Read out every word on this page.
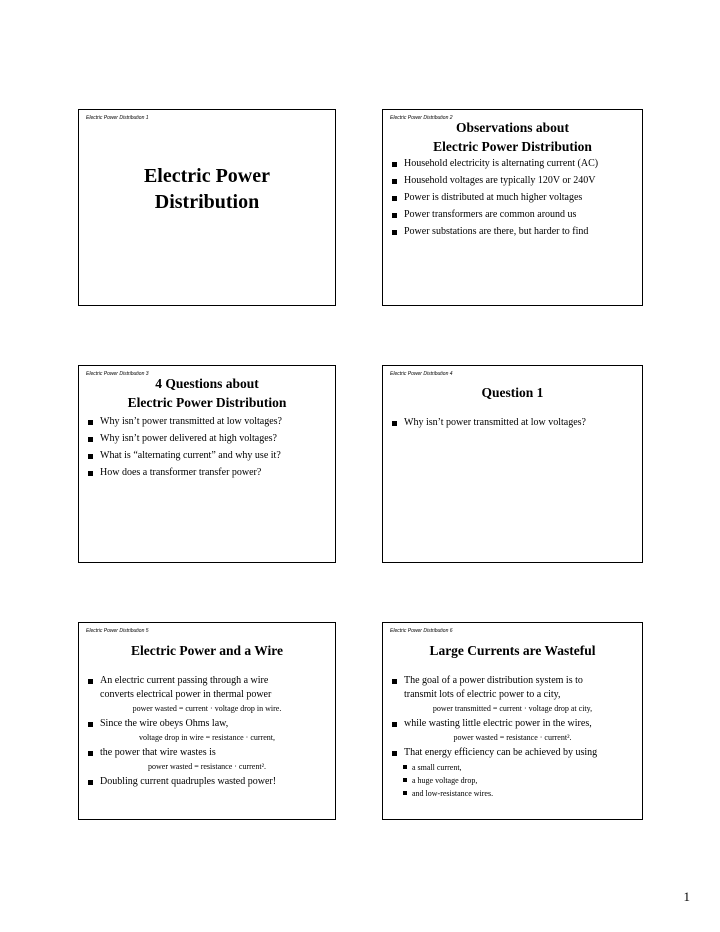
Electric Power Distribution 1
Electric Power
Distribution
Electric Power Distribution 2
Observations about
Electric Power Distribution
Household electricity is alternating current (AC)
Household voltages are typically 120V or 240V
Power is distributed at much higher voltages
Power transformers are common around us
Power substations are there, but harder to find
Electric Power Distribution 3
4 Questions about
Electric Power Distribution
Why isn’t power transmitted at low voltages?
Why isn’t power delivered at high voltages?
What is “alternating current” and why use it?
How does a transformer transfer power?
Electric Power Distribution 4
Question 1
Why isn’t power transmitted at low voltages?
Electric Power Distribution 5
Electric Power and a Wire
An electric current passing through a wire
converts electrical power in thermal power
power wasted = current · voltage drop in wire.
Since the wire obeys Ohms law,
voltage drop in wire = resistance · current,
the power that wire wastes is
power wasted = resistance · current².
Doubling current quadruples wasted power!
Electric Power Distribution 6
Large Currents are Wasteful
The goal of a power distribution system is to
transmit lots of electric power to a city,
power transmitted = current · voltage drop at city,
while wasting little electric power in the wires,
power wasted = resistance · current².
That energy efficiency can be achieved by using
a small current,
a huge voltage drop,
and low-resistance wires.
1
